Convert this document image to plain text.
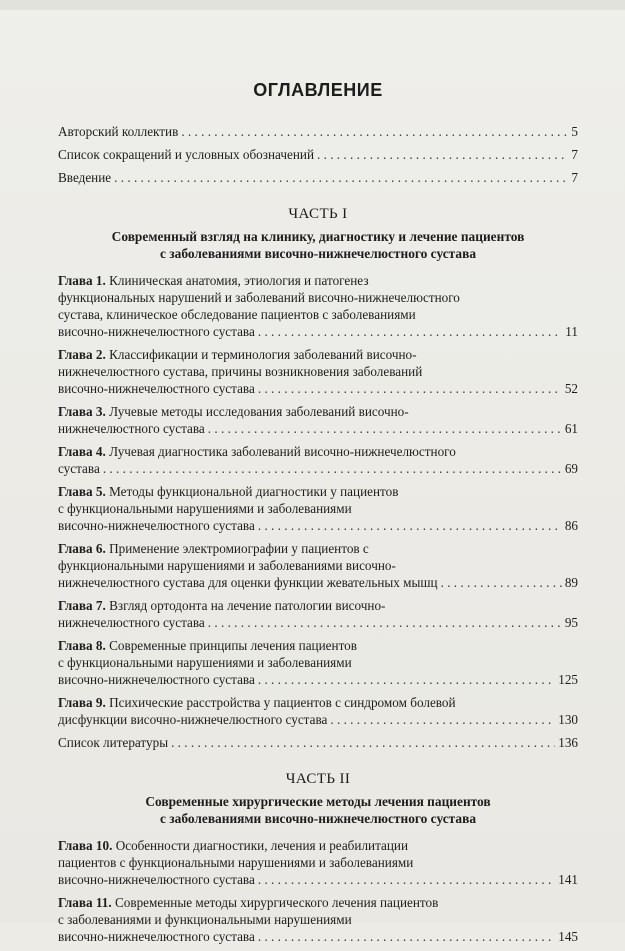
ОГЛАВЛЕНИЕ
Авторский коллектив . . .	5
Список сокращений и условных обозначений . . .	7
Введение . . .	7
ЧАСТЬ I
Современный взгляд на клинику, диагностику и лечение пациентов
с заболеваниями височно-нижнечелюстного сустава
Глава 1. Клиническая анатомия, этиология и патогенез
функциональных нарушений и заболеваний височно-нижнечелюстного
сустава, клиническое обследование пациентов с заболеваниями
височно-нижнечелюстного сустава . . .	11
Глава 2. Классификации и терминология заболеваний височно-
нижнечелюстного сустава, причины возникновения заболеваний
височно-нижнечелюстного сустава . . .	52
Глава 3. Лучевые методы исследования заболеваний височно-
нижнечелюстного сустава . . .	61
Глава 4. Лучевая диагностика заболеваний височно-нижнечелюстного
сустава . . .	69
Глава 5. Методы функциональной диагностики у пациентов
с функциональными нарушениями и заболеваниями
височно-нижнечелюстного сустава . . .	86
Глава 6. Применение электромиографии у пациентов с
функциональными нарушениями и заболеваниями височно-
нижнечелюстного сустава для оценки функции жевательных мышц . . .	89
Глава 7. Взгляд ортодонта на лечение патологии височно-
нижнечелюстного сустава . . .	95
Глава 8. Современные принципы лечения пациентов
с функциональными нарушениями и заболеваниями
височно-нижнечелюстного сустава . . .	125
Глава 9. Психические расстройства у пациентов с синдромом болевой
дисфункции височно-нижнечелюстного сустава . . .	130
Список литературы . . .	136
ЧАСТЬ II
Современные хирургические методы лечения пациентов
с заболеваниями височно-нижнечелюстного сустава
Глава 10. Особенности диагностики, лечения и реабилитации
пациентов с функциональными нарушениями и заболеваниями
височно-нижнечелюстного сустава . . .	141
Глава 11. Современные методы хирургического лечения пациентов
с заболеваниями и функциональными нарушениями
височно-нижнечелюстного сустава . . .	145
